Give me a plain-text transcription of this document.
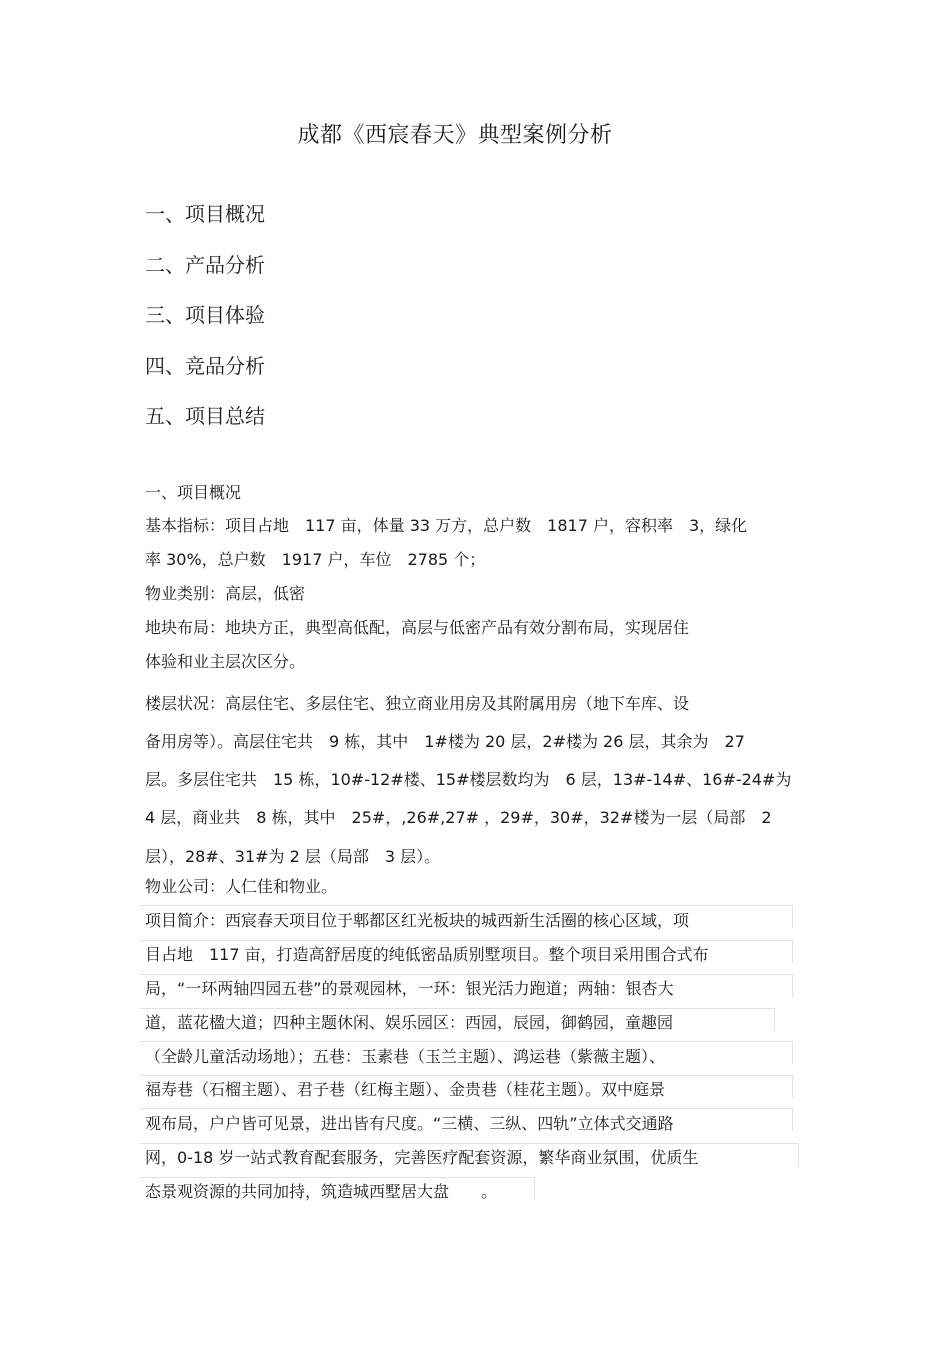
成都《西宸春天》典型案例分析
一、项目概况
二、产品分析
三、项目体验
四、竞品分析
五、项目总结
一、项目概况
基本指标：项目占地　117 亩，体量 33 万方，总户数　1817 户，容积率　3，绿化
率 30%，总户数　1917 户，车位　2785 个；
物业类别：高层，低密
地块布局：地块方正，典型高低配，高层与低密产品有效分割布局，实现居住
体验和业主层次区分。
楼层状况：高层住宅、多层住宅、独立商业用房及其附属用房（地下车库、设
备用房等）。高层住宅共　9 栋，其中　1#楼为 20 层，2#楼为 26 层，其余为　27
层。多层住宅共　15 栋，10#-12#楼、15#楼层数均为　6 层，13#-14#、16#-24#为
4 层，商业共　8 栋，其中　25#，,26#,27# ，29#，30#，32#楼为一层（局部　2
层），28#、31#为 2 层（局部　3 层）。
物业公司：人仁佳和物业。
项目简介：西宸春天项目位于郫都区红光板块的城西新生活圈的核心区域，项
目占地　117 亩，打造高舒居度的纯低密品质别墅项目。整个项目采用围合式布
局，“一环两轴四园五巷”的景观园林，一环：银光活力跑道；两轴：银杏大
道，蓝花楹大道；四种主题休闲、娱乐园区：西园，辰园，御鹤园，童趣园
（全龄儿童活动场地）；五巷：玉素巷（玉兰主题）、鸿运巷（紫薇主题）、
福寿巷（石榴主题）、君子巷（红梅主题）、金贵巷（桂花主题）。双中庭景
观布局，户户皆可见景，进出皆有尺度。“三横、三纵、四轨”立体式交通路
网，0-18 岁一站式教育配套服务，完善医疗配套资源，繁华商业氛围，优质生
态景观资源的共同加持，筑造城西墅居大盘　　。
